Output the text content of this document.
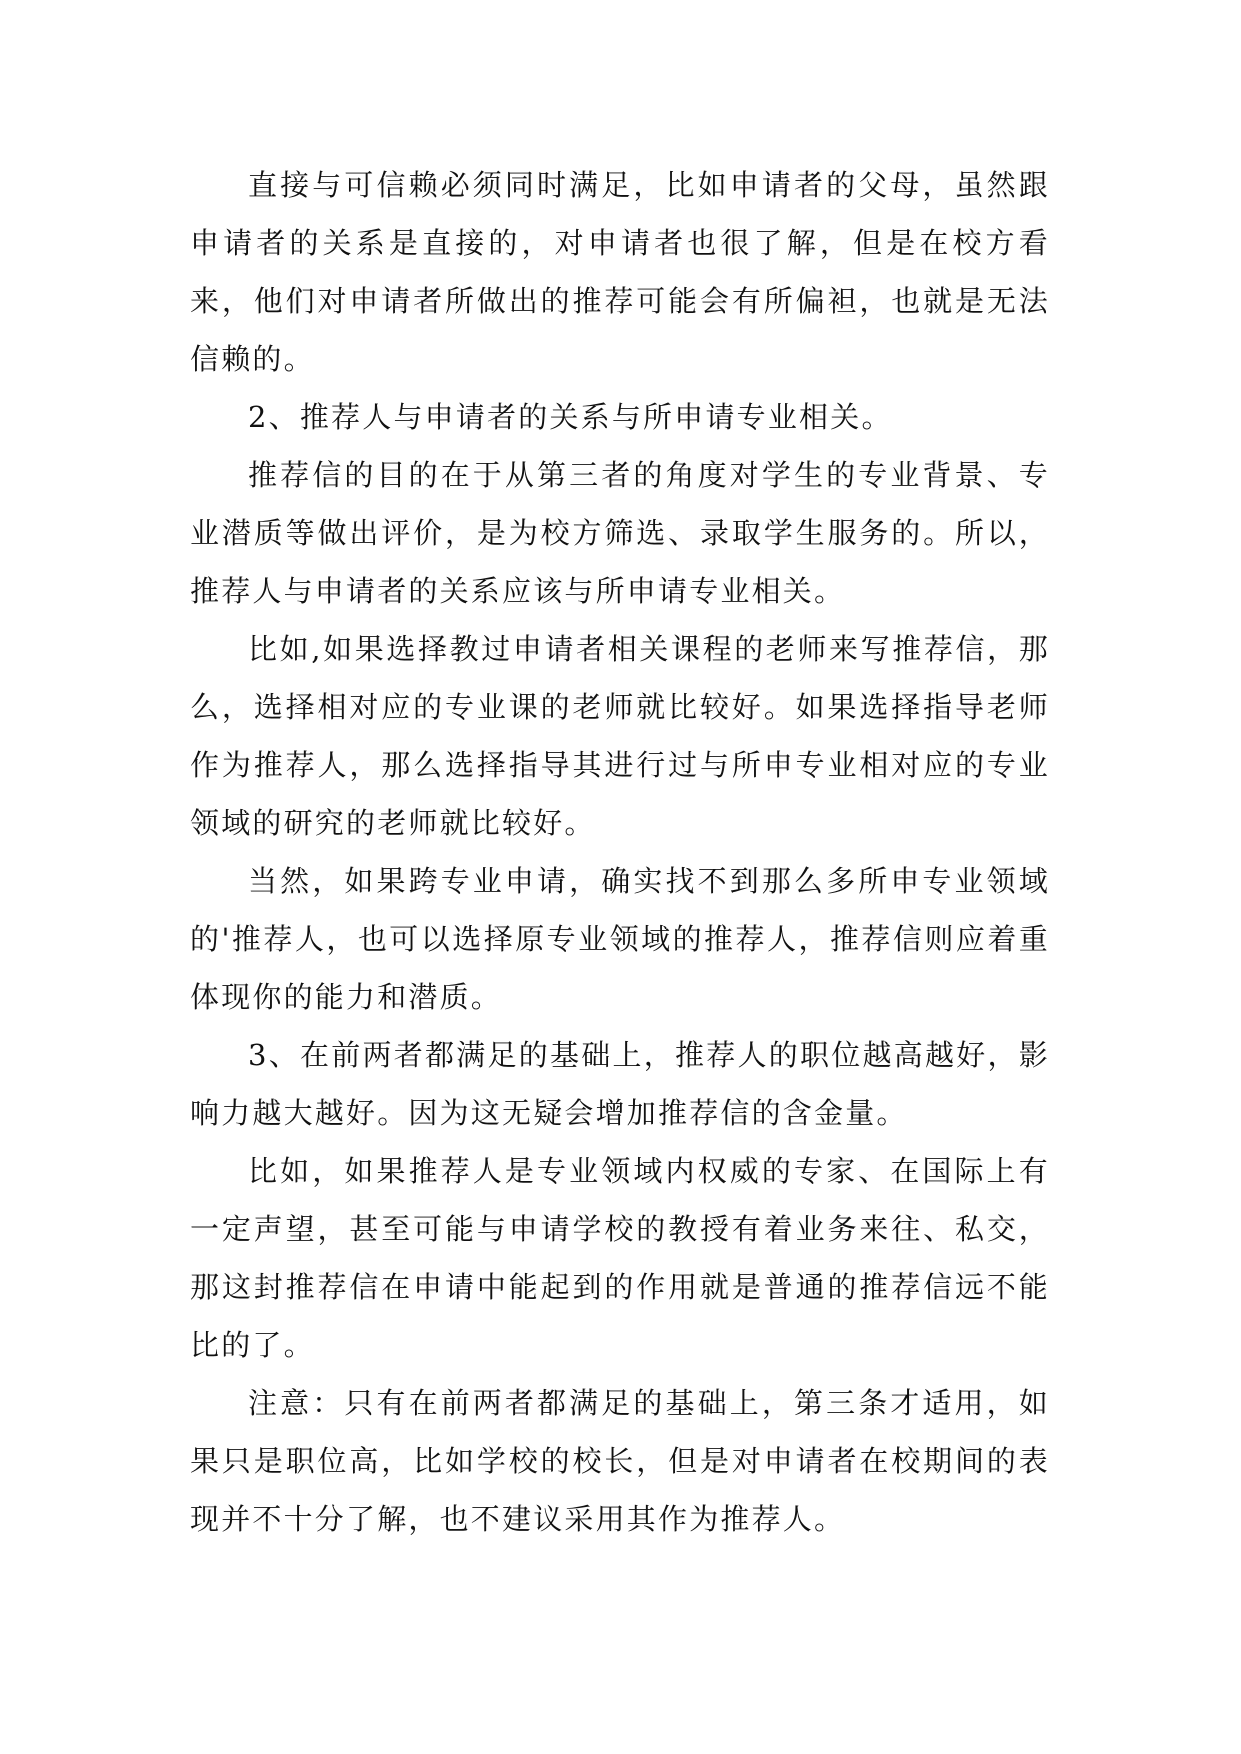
直接与可信赖必须同时满足，比如申请者的父母，虽然跟申请者的关系是直接的，对申请者也很了解，但是在校方看来，他们对申请者所做出的推荐可能会有所偏袒，也就是无法信赖的。

2、推荐人与申请者的关系与所申请专业相关。

推荐信的目的在于从第三者的角度对学生的专业背景、专业潜质等做出评价，是为校方筛选、录取学生服务的。所以，推荐人与申请者的关系应该与所申请专业相关。

比如,如果选择教过申请者相关课程的老师来写推荐信，那么，选择相对应的专业课的老师就比较好。如果选择指导老师作为推荐人，那么选择指导其进行过与所申专业相对应的专业领域的研究的老师就比较好。

当然，如果跨专业申请，确实找不到那么多所申专业领域的'推荐人，也可以选择原专业领域的推荐人，推荐信则应着重体现你的能力和潜质。

3、在前两者都满足的基础上，推荐人的职位越高越好，影响力越大越好。因为这无疑会增加推荐信的含金量。

比如，如果推荐人是专业领域内权威的专家、在国际上有一定声望，甚至可能与申请学校的教授有着业务来往、私交，那这封推荐信在申请中能起到的作用就是普通的推荐信远不能比的了。

注意：只有在前两者都满足的基础上，第三条才适用，如果只是职位高，比如学校的校长，但是对申请者在校期间的表现并不十分了解，也不建议采用其作为推荐人。
